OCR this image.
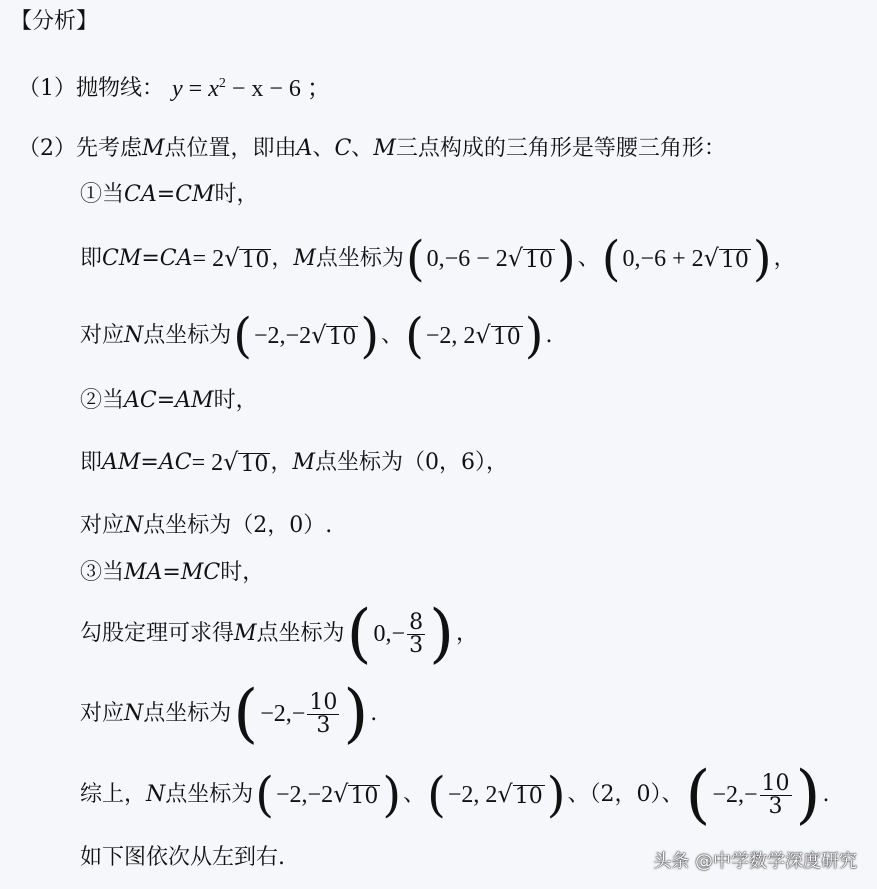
【分析】
（1）抛物线： $y = x^2 - x - 6$ ；
（2）先考虑 M 点位置，即由 A 、 C 、 M 三点构成的三角形是等腰三角形：
①当 CA=CM 时，
即 CM=CA = 2 √ 10 ， M 点坐标为 ( 0,−6 − 2 √ 10 ) 、 ( 0,−6 + 2 √ 10 ) ，
对应 N 点坐标为 ( −2,−2 √ 10 ) 、 ( −2, 2 √ 10 ) .
②当 AC=AM 时，
即 AM=AC = 2 √ 10 ， M 点坐标为（0，6），
对应 N 点坐标为（2，0）.
③当 MA=MC 时，
勾股定理可求得 M 点坐标为 ( $0,- \frac{8}{3}$ ) ，
对应 N 点坐标为 ( $-2,- \frac{10}{3}$ ) .
综上， N 点坐标为 ( −2,−2 √ 10 ) 、 ( −2, 2 √ 10 ) 、（2，0）、 ( $-2,- \frac{10}{3}$ ) .
如下图依次从左到右.	头条 @中学数学深度研究
